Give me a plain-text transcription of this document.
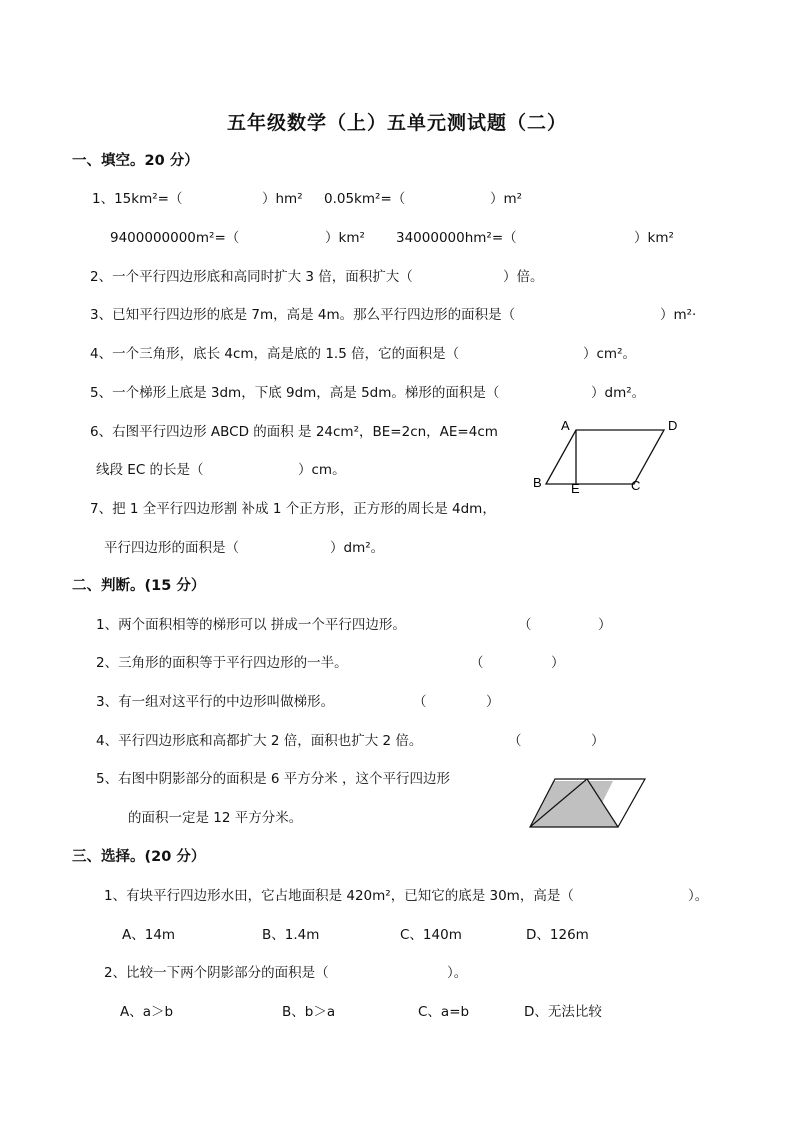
五年级数学（上）五单元测试题（二）
一、填空。20 分）
1、15km²=（	）hm² 0.05km²=（	）m²
9400000000m²=（	）km² 34000000hm²=（	）km²
2、一个平行四边形底和高同时扩大 3 倍，面积扩大（	）倍。
3、已知平行四边形的底是 7m，高是 4m。那么平行四边形的面积是（	）m²·
4、一个三角形，底长 4cm，高是底的 1.5 倍，它的面积是（	）cm²。
5、一个梯形上底是 3dm，下底 9dm，高是 5dm。梯形的面积是（	）dm²。
6、右图平行四边形 ABCD 的面积 是 24cm²，BE=2cn，AE=4cm
线段 EC 的长是（	）cm。
A	D
B E	C
7、把 1 全平行四边形割 补成 1 个正方形，正方形的周长是 4dm，
平行四边形的面积是（	）dm²。
二、判断。(15 分）
1、两个面积相等的梯形可以 拼成一个平行四边形。	（	）
2、三角形的面积等于平行四边形的一半。	（	）
3、有一组对这平行的中边形叫做梯形。	（	）
4、平行四边形底和高都扩大 2 倍，面积也扩大 2 倍。	（	）
5、右图中阴影部分的面积是 6 平方分米 ，这个平行四边形
的面积一定是 12 平方分米。
三、选择。(20 分）
1、有块平行四边形水田，它占地面积是 420m²，已知它的底是 30m，高是（	）。
A、14m	B、1.4m	C、140m	D、126m
2、比较一下两个阴影部分的面积是（	）。
A、a＞b	B、b＞a	C、a=b	D、无法比较
